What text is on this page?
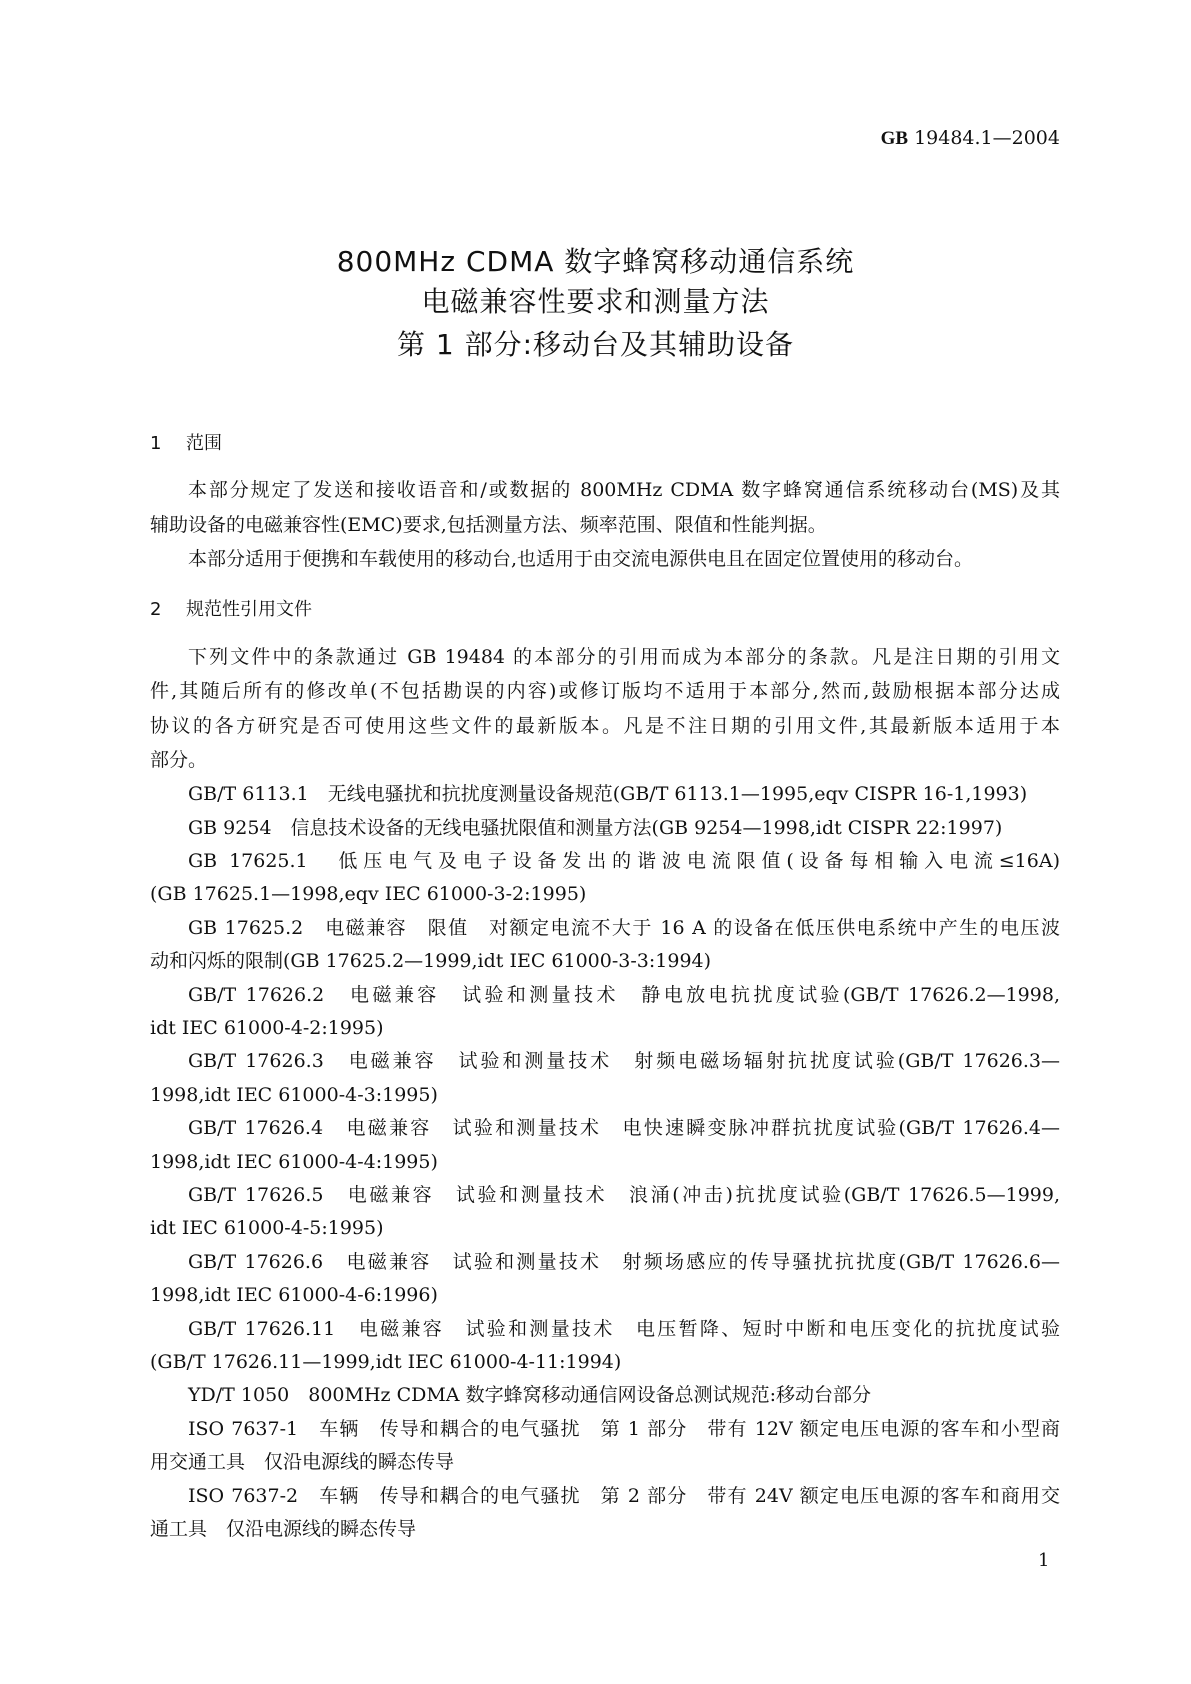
GB 19484.1—2004
800MHz CDMA 数字蜂窝移动通信系统
电磁兼容性要求和测量方法
第 1 部分:移动台及其辅助设备
1 范围
本部分规定了发送和接收语音和/或数据的 800MHz CDMA 数字蜂窝通信系统移动台(MS)及其
辅助设备的电磁兼容性(EMC)要求,包括测量方法、频率范围、限值和性能判据。
本部分适用于便携和车载使用的移动台,也适用于由交流电源供电且在固定位置使用的移动台。
2 规范性引用文件
下列文件中的条款通过 GB 19484 的本部分的引用而成为本部分的条款。凡是注日期的引用文
件,其随后所有的修改单(不包括勘误的内容)或修订版均不适用于本部分,然而,鼓励根据本部分达成
协议的各方研究是否可使用这些文件的最新版本。凡是不注日期的引用文件,其最新版本适用于本
部分。
GB/T 6113.1　无线电骚扰和抗扰度测量设备规范(GB/T 6113.1—1995,eqv CISPR 16-1,1993)
GB 9254　信息技术设备的无线电骚扰限值和测量方法(GB 9254—1998,idt CISPR 22:1997)
GB 17625.1　低压电气及电子设备发出的谐波电流限值(设备每相输入电流≤16A)
(GB 17625.1—1998,eqv IEC 61000-3-2:1995)
GB 17625.2　电磁兼容　限值　对额定电流不大于 16 A 的设备在低压供电系统中产生的电压波
动和闪烁的限制(GB 17625.2—1999,idt IEC 61000-3-3:1994)
GB/T 17626.2　电磁兼容　试验和测量技术　静电放电抗扰度试验(GB/T 17626.2—1998,
idt IEC 61000-4-2:1995)
GB/T 17626.3　电磁兼容　试验和测量技术　射频电磁场辐射抗扰度试验(GB/T 17626.3—
1998,idt IEC 61000-4-3:1995)
GB/T 17626.4　电磁兼容　试验和测量技术　电快速瞬变脉冲群抗扰度试验(GB/T 17626.4—
1998,idt IEC 61000-4-4:1995)
GB/T 17626.5　电磁兼容　试验和测量技术　浪涌(冲击)抗扰度试验(GB/T 17626.5—1999,
idt IEC 61000-4-5:1995)
GB/T 17626.6　电磁兼容　试验和测量技术　射频场感应的传导骚扰抗扰度(GB/T 17626.6—
1998,idt IEC 61000-4-6:1996)
GB/T 17626.11　电磁兼容　试验和测量技术　电压暂降、短时中断和电压变化的抗扰度试验
(GB/T 17626.11—1999,idt IEC 61000-4-11:1994)
YD/T 1050　800MHz CDMA 数字蜂窝移动通信网设备总测试规范:移动台部分
ISO 7637-1　车辆　传导和耦合的电气骚扰　第 1 部分　带有 12V 额定电压电源的客车和小型商
用交通工具　仅沿电源线的瞬态传导
ISO 7637-2　车辆　传导和耦合的电气骚扰　第 2 部分　带有 24V 额定电压电源的客车和商用交
通工具　仅沿电源线的瞬态传导
1
